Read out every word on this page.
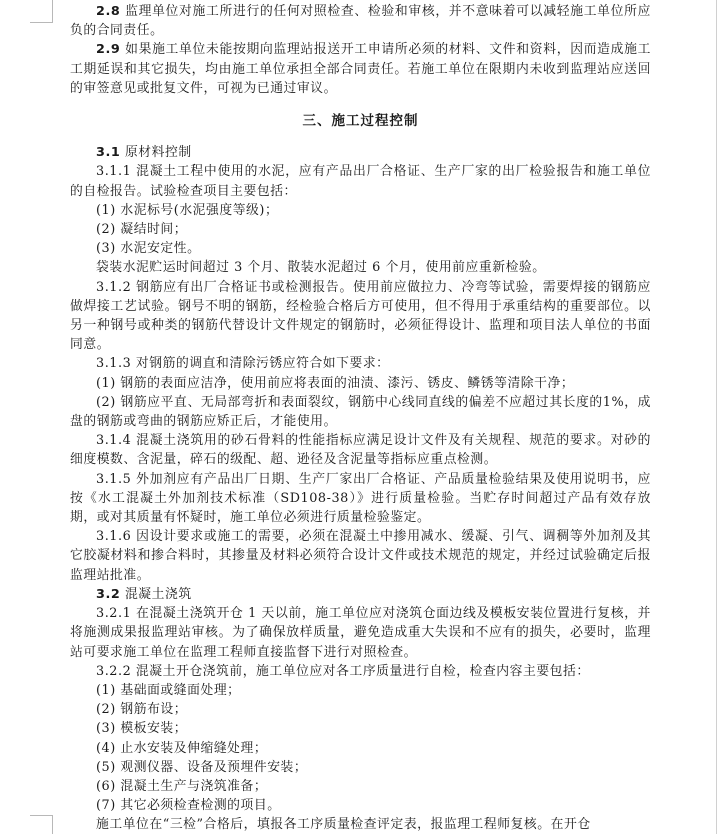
2.8 监理单位对施工所进行的任何对照检查、检验和审核，并不意味着可以减轻施工单位所应负的合同责任。

2.9 如果施工单位未能按期向监理站报送开工申请所必须的材料、文件和资料，因而造成施工工期延误和其它损失，均由施工单位承担全部合同责任。若施工单位在限期内未收到监理站应送回的审签意见或批复文件，可视为已通过审议。

三、施工过程控制

3.1 原材料控制

3.1.1 混凝土工程中使用的水泥，应有产品出厂合格证、生产厂家的出厂检验报告和施工单位的自检报告。试验检查项目主要包括：

(1) 水泥标号(水泥强度等级)；

(2) 凝结时间；

(3) 水泥安定性。

袋装水泥贮运时间超过 3 个月、散装水泥超过 6 个月，使用前应重新检验。

3.1.2 钢筋应有出厂合格证书或检测报告。使用前应做拉力、冷弯等试验，需要焊接的钢筋应做焊接工艺试验。钢号不明的钢筋，经检验合格后方可使用，但不得用于承重结构的重要部位。以另一种钢号或种类的钢筋代替设计文件规定的钢筋时，必须征得设计、监理和项目法人单位的书面同意。

3.1.3 对钢筋的调直和清除污锈应符合如下要求：

(1) 钢筋的表面应洁净，使用前应将表面的油渍、漆污、锈皮、鳞锈等清除干净；

(2) 钢筋应平直、无局部弯折和表面裂纹，钢筋中心线同直线的偏差不应超过其长度的1%，成盘的钢筋或弯曲的钢筋应矫正后，才能使用。

3.1.4 混凝土浇筑用的砂石骨料的性能指标应满足设计文件及有关规程、规范的要求。对砂的细度模数、含泥量，碎石的级配、超、逊径及含泥量等指标应重点检测。

3.1.5 外加剂应有产品出厂日期、生产厂家出厂合格证、产品质量检验结果及使用说明书，应按《水工混凝土外加剂技术标准（SD108-38）》进行质量检验。当贮存时间超过产品有效存放期，或对其质量有怀疑时，施工单位必须进行质量检验鉴定。

3.1.6 因设计要求或施工的需要，必须在混凝土中掺用减水、缓凝、引气、调稠等外加剂及其它胶凝材料和掺合料时，其掺量及材料必须符合设计文件或技术规范的规定，并经过试验确定后报监理站批准。

3.2 混凝土浇筑

3.2.1 在混凝土浇筑开仓 1 天以前，施工单位应对浇筑仓面边线及模板安装位置进行复核，并将施测成果报监理站审核。为了确保放样质量，避免造成重大失误和不应有的损失，必要时，监理站可要求施工单位在监理工程师直接监督下进行对照检查。

3.2.2 混凝土开仓浇筑前，施工单位应对各工序质量进行自检，检查内容主要包括：

(1) 基础面或缝面处理；

(2) 钢筋布设；

(3) 模板安装；

(4) 止水安装及伸缩缝处理；

(5) 观测仪器、设备及预埋件安装；

(6) 混凝土生产与浇筑准备；

(7) 其它必须检查检测的项目。

施工单位在“三检”合格后，填报各工序质量检查评定表，报监理工程师复核。在开仓
